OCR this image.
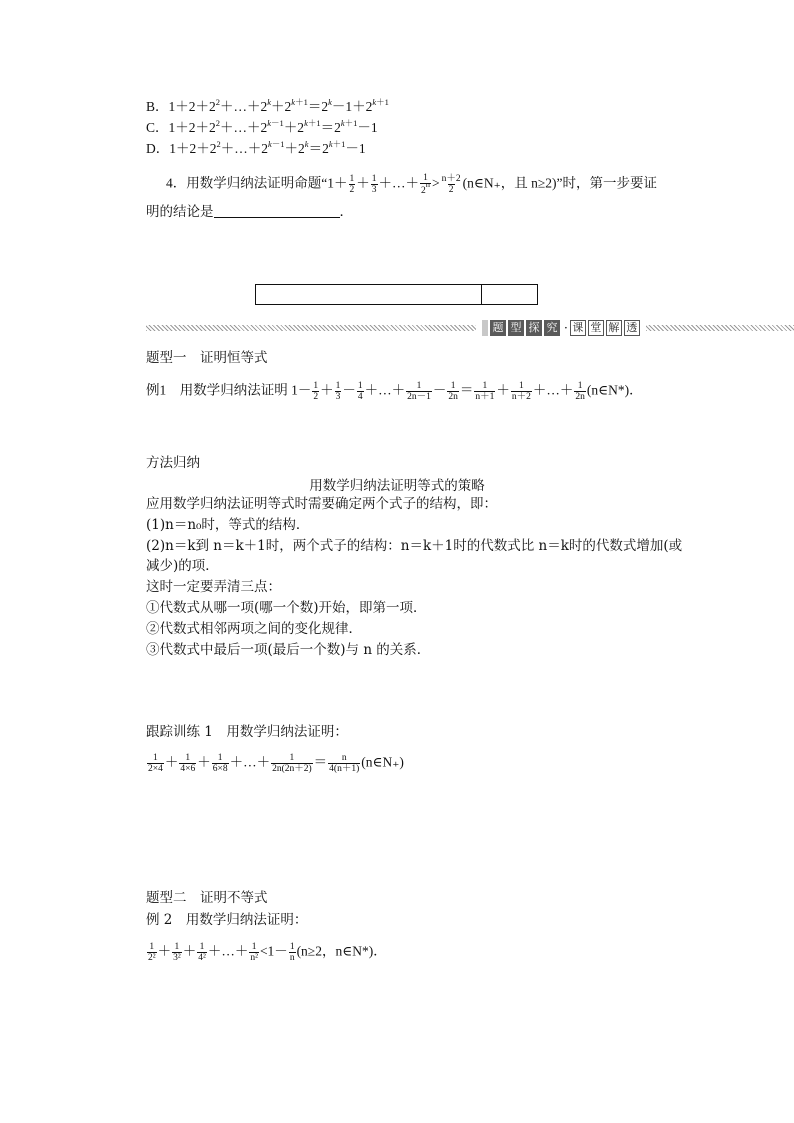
B．$1+2+2^2+\dots+2^k+2^{k+1}=2^k-1+2^{k+1}$
C．$1+2+2^2+\dots+2^{k-1}+2^{k+1}=2^{k+1}-1$
D．$1+2+2^2+\dots+2^{k-1}+2^k=2^{k+1}-1$
4．用数学归纳法证明命题“$1+ \frac{1}{2} + \frac{1}{3}$ ＋…＋ $\frac{1}{2^n} > \frac{n+2}{2}$ (n∈N₊，且 n≥2)”时，第一步要证
明的结论是	．
题 型 探 究 · 课 堂 解 透
题型一　证明恒等式
例1　用数学归纳法证明 $1- \frac{1}{2} + \frac{1}{3} - \frac{1}{4}$ ＋…＋ $\frac{1}{2n-1} - \frac{1}{2n} = \frac{1}{n+1} + \frac{1}{n+2}$ ＋…＋ $\frac{1}{2n}$ (n∈N*)．
方法归纳
用数学归纳法证明等式的策略
应用数学归纳法证明等式时需要确定两个式子的结构，即：
(1)n＝n₀时，等式的结构．
(2)n＝k到 n＝k＋1时，两个式子的结构：n＝k＋1时的代数式比 n＝k时的代数式增加(或
减少)的项．
这时一定要弄清三点：
①代数式从哪一项(哪一个数)开始，即第一项．
②代数式相邻两项之间的变化规律．
③代数式中最后一项(最后一个数)与 n 的关系．
跟踪训练 1　用数学归纳法证明：
$\frac{1}{2\times 4} + \frac{1}{4\times 6} + \frac{1}{6\times 8}$ ＋…＋ $\frac{1}{2n(2n+2)} = \frac{n}{4(n+1)}$ (n∈N₊)
题型二　证明不等式
例 2　用数学归纳法证明：
$\frac{1}{\text{2²}} + \frac{1}{\text{3²}} + \frac{1}{\text{4²}}$ ＋…＋ $\frac{1}{\text{n²}} <1- \frac{1}{n} (n\ge 2$，n∈N*)．
